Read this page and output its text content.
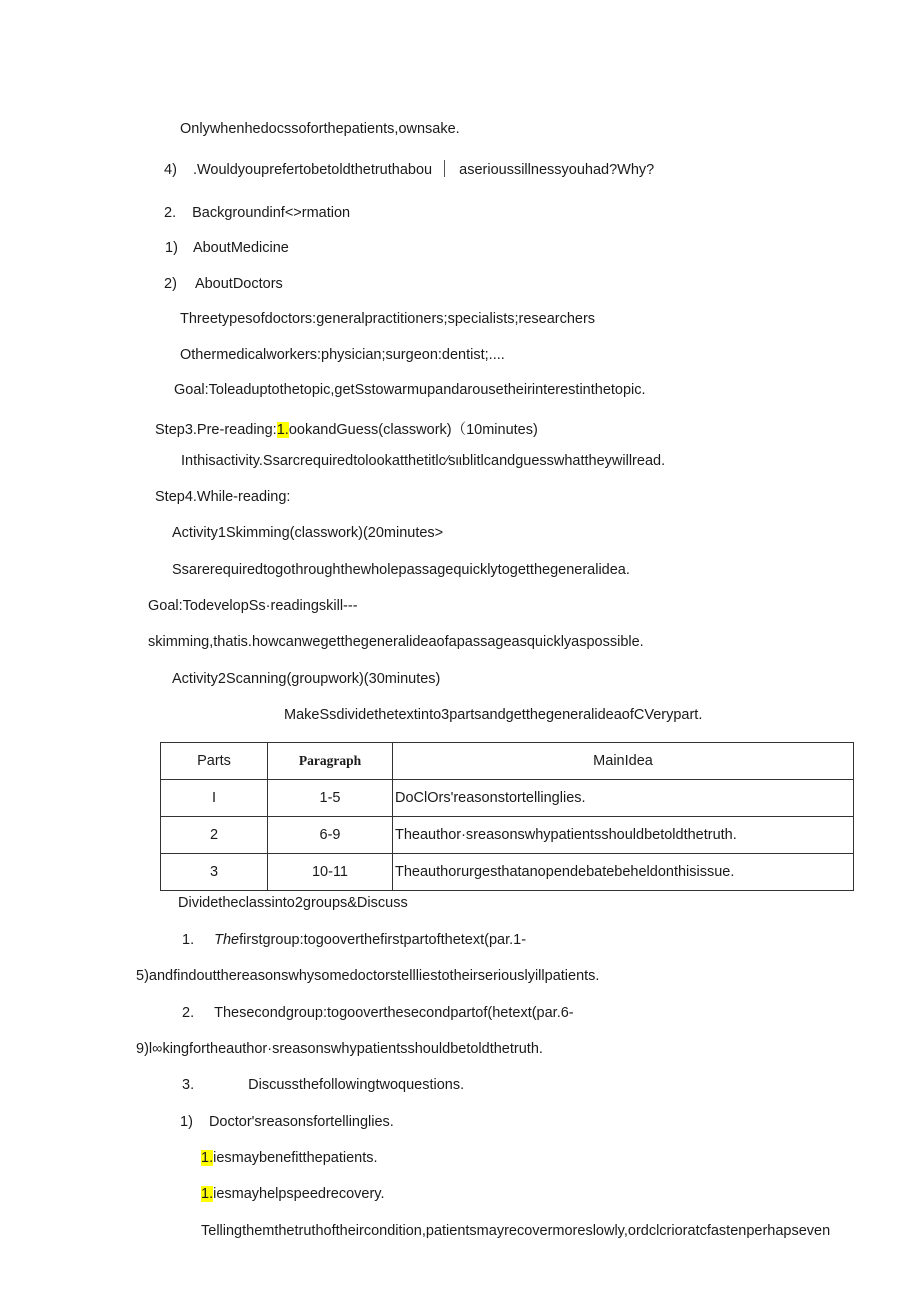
Onlywhenhedocssoforthepatients,ownsake.
4) .Wouldyouprefertobetoldthetruthabou aserioussillnessyouhad?Why?
2. Backgroundinf<>rmation
1) AboutMedicine
2) AboutDoctors
Threetypesofdoctors:generalpractitioners;specialists;researchers
Othermedicalworkers:physician;surgeon:dentist;....
Goal:Toleaduptothetopic,getSstowarmupandarousetheirinterestinthetopic.
Step3.Pre-reading:1.ookandGuess(classwork)（10minutes)
Inthisactivity.Ssarcrequiredtolookatthetitlc⁄sιιblitlcandguesswhattheywillread.
Step4.While-reading:
Activity1Skimming(classwork)(20minutes>
Ssarerequiredtogothroughthewholepassagequicklytogetthegeneralidea.
Goal:TodevelopSs·readingskill---
skimming,thatis.howcanwegetthegeneralideaofapassageasquicklyaspossible.
Activity2Scanning(groupwork)(30minutes)
MakeSsdividethetextinto3partsandgetthegeneralideaofCVerypart.
Parts	Paragraph	MainIdea
I	1-5	DoClOrs'reasonstortellinglies.
2	6-9	Theauthor·sreasonswhypatientsshouldbetoldthetruth.
3	10-11	Theauthorurgesthatanopendebatebeheldonthisissue.
Dividetheclassinto2groups&Discuss
1. Thefirstgroup:togooverthefirstpartofthetext(par.1-
5)andfindoutthereasonswhysomedoctorstellliestotheirseriouslyillpatients.
2. Thesecondgroup:togooverthesecondpartof(hetext(par.6-
9)l∞kingfortheauthor·sreasonswhypatientsshouldbetoldthetruth.
3.	Discussthefollowingtwoquestions.
1) Doctor'sreasonsfortellinglies.
1.iesmaybenefitthepatients.
1.iesmayhelpspeedrecovery.
Tellingthemthetruthoftheircondition,patientsmayrecovermoreslowly,ordclcrioratcfastenperhapseven
